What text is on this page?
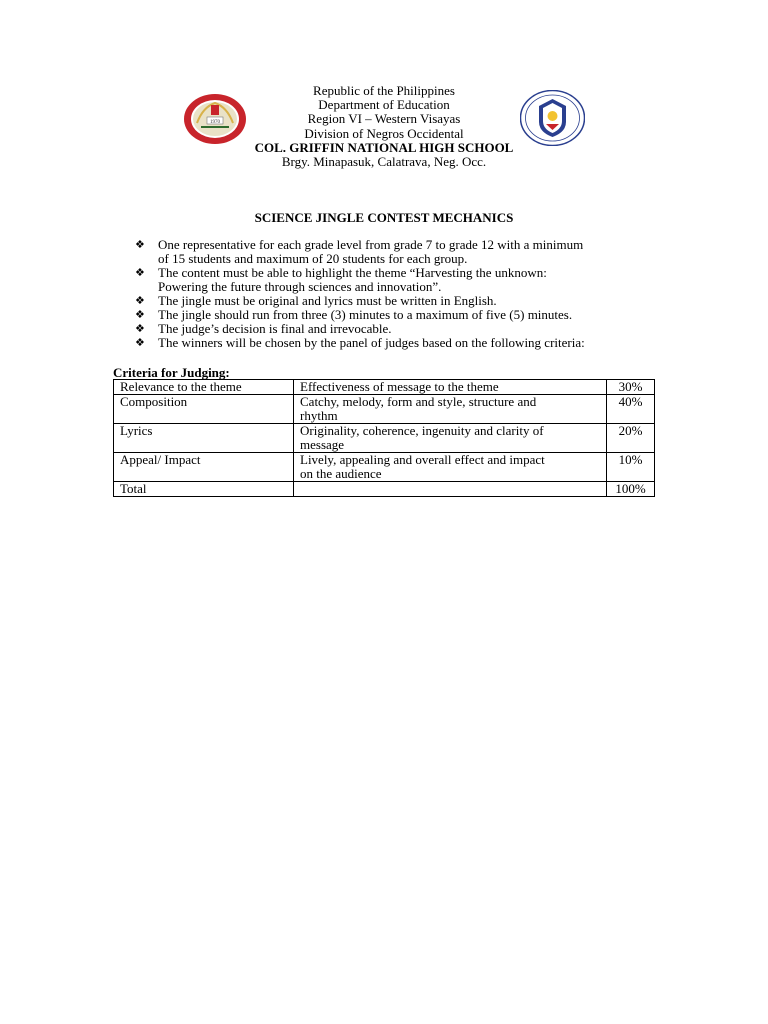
1970
Republic of the Philippines
Department of Education
Region VI – Western Visayas
Division of Negros Occidental
COL. GRIFFIN NATIONAL HIGH SCHOOL
Brgy. Minapasuk, Calatrava, Neg. Occ.
SCIENCE JINGLE CONTEST MECHANICS
❖ One representative for each grade level from grade 7 to grade 12 with a minimum
of 15 students and maximum of 20 students for each group.
❖ The content must be able to highlight the theme “Harvesting the unknown:
Powering the future through sciences and innovation”.
❖ The jingle must be original and lyrics must be written in English.
❖ The jingle should run from three (3) minutes to a maximum of five (5) minutes.
❖ The judge’s decision is final and irrevocable.
❖ The winners will be chosen by the panel of judges based on the following criteria:
Criteria for Judging:
Relevance to the theme	Effectiveness of message to the theme	30%
Composition	Catchy, melody, form and style, structure and
rhythm	40%
Lyrics	Originality, coherence, ingenuity and clarity of
message	20%
Appeal/ Impact	Lively, appealing and overall effect and impact
on the audience	10%
Total		100%
